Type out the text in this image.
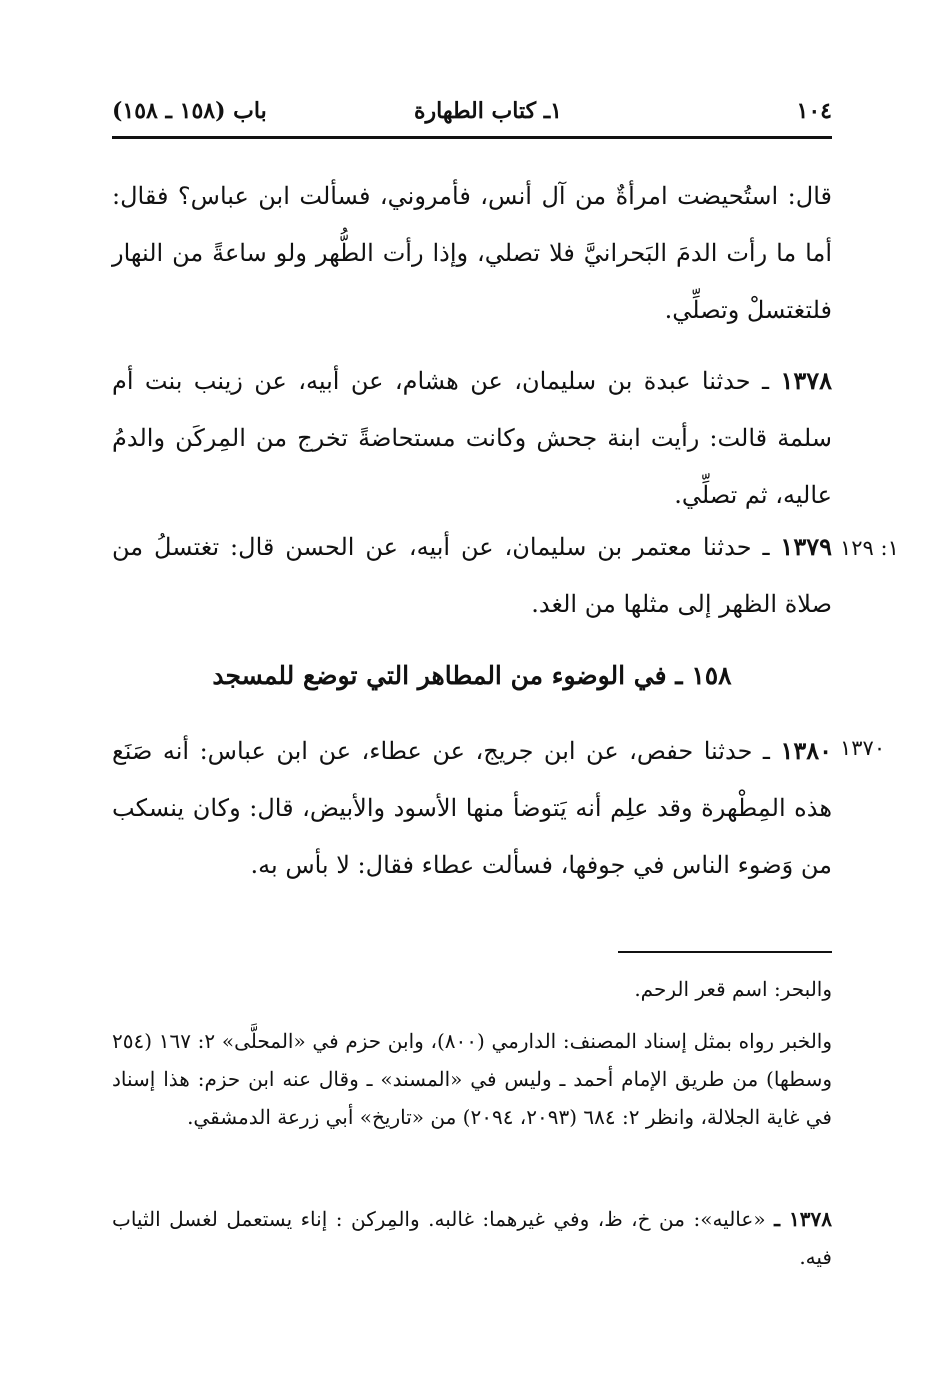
١٠٤
١ـ كتاب الطهارة
باب (١٥٨ ـ ١٥٨)
قال: استُحيضت امرأةٌ من آل أنس، فأمروني، فسألت ابن عباس؟ فقال: أما ما رأت الدمَ البَحرانيَّ فلا تصلي، وإذا رأت الطُّهر ولو ساعةً من النهار فلتغتسلْ وتصلِّي.
١٣٧٨ ـ حدثنا عبدة بن سليمان، عن هشام، عن أبيه، عن زينب بنت أم سلمة قالت: رأيت ابنة جحش وكانت مستحاضةً تخرج من المِركَن والدمُ عاليه، ثم تصلِّي.
١: ١٢٩
١٣٧٩ ـ حدثنا معتمر بن سليمان، عن أبيه، عن الحسن قال: تغتسلُ من صلاة الظهر إلى مثلها من الغد.
١٥٨ ـ في الوضوء من المطاهر التي توضع للمسجد
١٣٧٠
١٣٨٠ ـ حدثنا حفص، عن ابن جريج، عن عطاء، عن ابن عباس: أنه صَنَع هذه المِطْهرة وقد علِم أنه يَتوضأ منها الأسود والأبيض، قال: وكان ينسكب من وَضوء الناس في جوفها، فسألت عطاء فقال: لا بأس به.
والبحر: اسم قعر الرحم.
والخبر رواه بمثل إسناد المصنف: الدارمي (٨٠٠)، وابن حزم في «المحلَّى» ٢: ١٦٧ (٢٥٤ وسطها) من طريق الإمام أحمد ـ وليس في «المسند» ـ وقال عنه ابن حزم: هذا إسناد في غاية الجلالة، وانظر ٢: ٦٨٤ (٢٠٩٣، ٢٠٩٤) من «تاريخ» أبي زرعة الدمشقي.
١٣٧٨ ـ «عاليه»: من خ، ظ، وفي غيرهما: غالبه. والمِركن : إناء يستعمل لغسل الثياب فيه.
